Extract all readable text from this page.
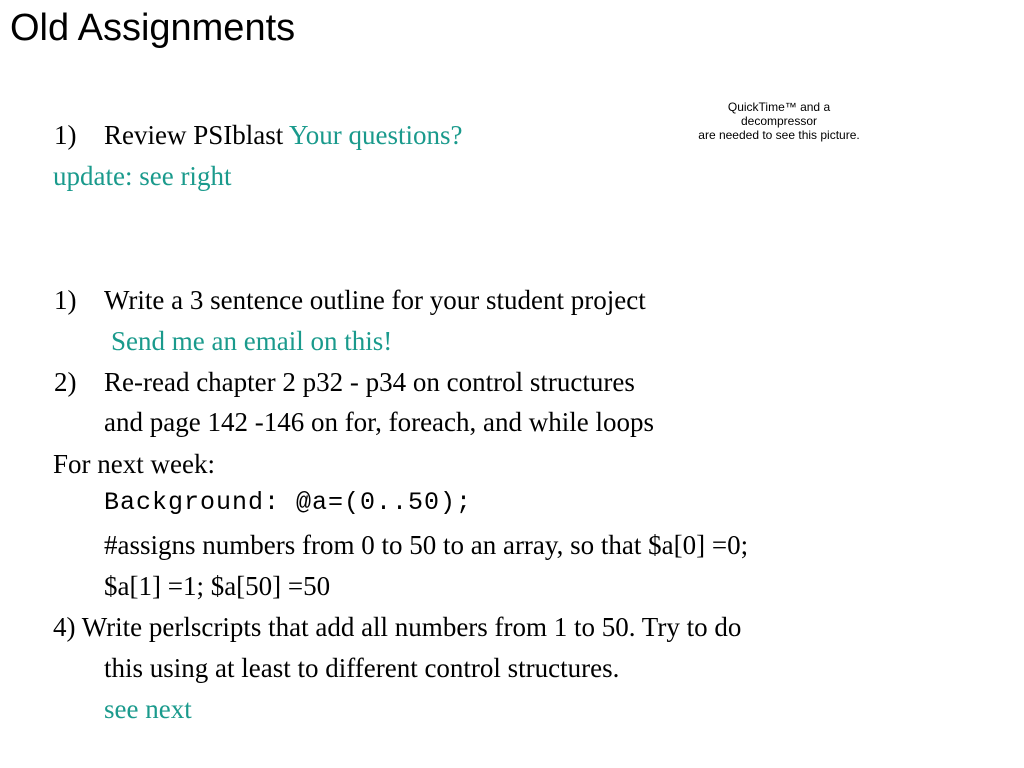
Old Assignments
QuickTime™ and a
decompressor
are needed to see this picture.
1) Review PSIblast Your questions?
update: see right
1) Write a 3 sentence outline for your student project
Send me an email on this!
2) Re-read chapter 2 p32 - p34 on control structures
and page 142 -146 on for, foreach, and while loops
For next week:
Background: @a=(0..50);
#assigns numbers from 0 to 50 to an array, so that $a[0] =0;
$a[1] =1; $a[50] =50
4) Write perlscripts that add all numbers from 1 to 50. Try to do
this using at least to different control structures.
see next
